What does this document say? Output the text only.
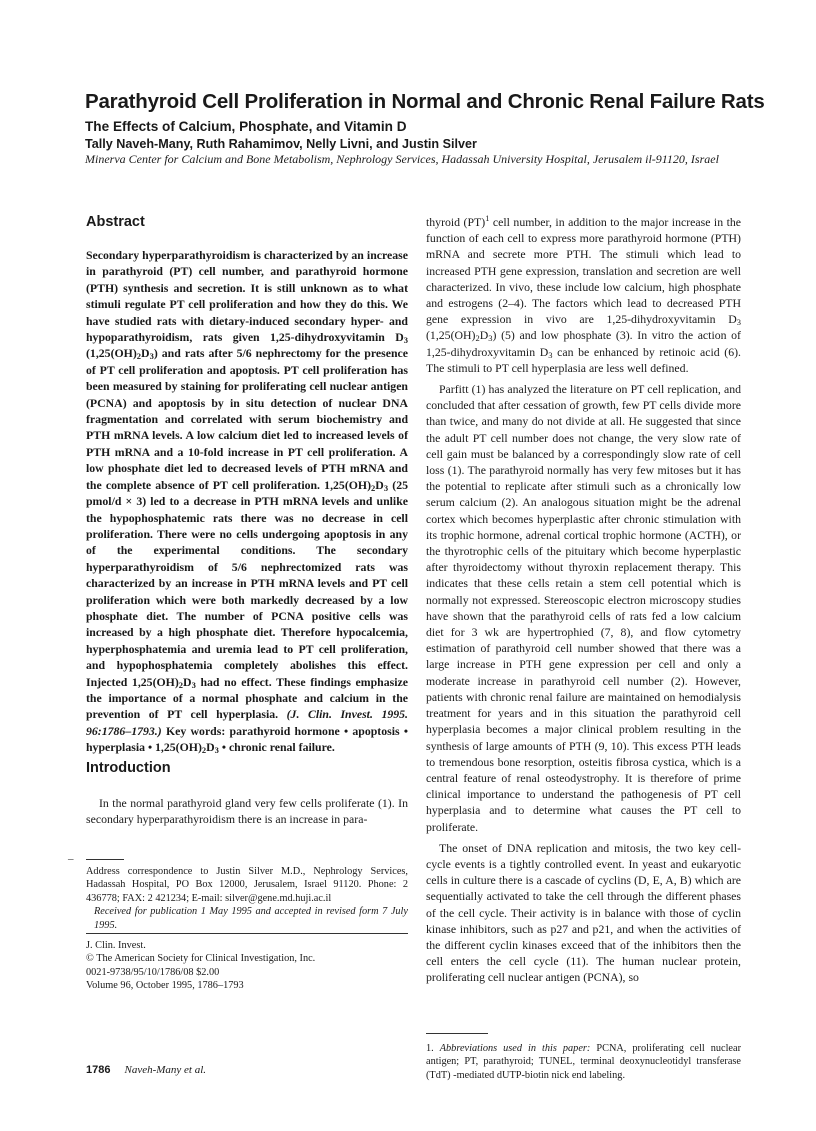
Parathyroid Cell Proliferation in Normal and Chronic Renal Failure Rats
The Effects of Calcium, Phosphate, and Vitamin D
Tally Naveh-Many, Ruth Rahamimov, Nelly Livni, and Justin Silver
Minerva Center for Calcium and Bone Metabolism, Nephrology Services, Hadassah University Hospital, Jerusalem il-91120, Israel
Abstract
Secondary hyperparathyroidism is characterized by an increase in parathyroid (PT) cell number, and parathyroid hormone (PTH) synthesis and secretion. It is still unknown as to what stimuli regulate PT cell proliferation and how they do this. We have studied rats with dietary-induced secondary hyper- and hypoparathyroidism, rats given 1,25-dihydroxyvitamin $D_3$ $(1,25(OH)_2D_3)$ and rats after 5/6 nephrectomy for the presence of PT cell proliferation and apoptosis. PT cell proliferation has been measured by staining for proliferating cell nuclear antigen (PCNA) and apoptosis by in situ detection of nuclear DNA fragmentation and correlated with serum biochemistry and PTH mRNA levels. A low calcium diet led to increased levels of PTH mRNA and a 10-fold increase in PT cell proliferation. A low phosphate diet led to decreased levels of PTH mRNA and the complete absence of PT cell proliferation. $1,25(OH)_2D_3$ (25 pmol/d × 3) led to a decrease in PTH mRNA levels and unlike the hypophosphatemic rats there was no decrease in cell proliferation. There were no cells undergoing apoptosis in any of the experimental conditions. The secondary hyperparathyroidism of 5/6 nephrectomized rats was characterized by an increase in PTH mRNA levels and PT cell proliferation which were both markedly decreased by a low phosphate diet. The number of PCNA positive cells was increased by a high phosphate diet. Therefore hypocalcemia, hyperphosphatemia and uremia lead to PT cell proliferation, and hypophosphatemia completely abolishes this effect. Injected $1,25(OH)_2D_3$ had no effect. These findings emphasize the importance of a normal phosphate and calcium in the prevention of PT cell hyperplasia. (J. Clin. Invest. 1995. 96:1786–1793.) Key words: parathyroid hormone • apoptosis • hyperplasia • $1,25(OH)_2D_3$ • chronic renal failure.
Introduction

In the normal parathyroid gland very few cells proliferate (1). In secondary hyperparathyroidism there is an increase in para-

–
Address correspondence to Justin Silver M.D., Nephrology Services, Hadassah Hospital, PO Box 12000, Jerusalem, Israel 91120. Phone: 2 436778; FAX: 2 421234; E-mail: silver@gene.md.huji.ac.il
Received for publication 1 May 1995 and accepted in revised form 7 July 1995.
J. Clin. Invest.
© The American Society for Clinical Investigation, Inc.
0021-9738/95/10/1786/08 $2.00
Volume 96, October 1995, 1786–1793

thyroid (PT)$^1$ cell number, in addition to the major increase in the function of each cell to express more parathyroid hormone (PTH) mRNA and secrete more PTH. The stimuli which lead to increased PTH gene expression, translation and secretion are well characterized. In vivo, these include low calcium, high phosphate and estrogens (2–4). The factors which lead to decreased PTH gene expression in vivo are 1,25-dihydroxyvitamin $D_3$ $(1,25(OH)_2D_3)$ (5) and low phosphate (3). In vitro the action of 1,25-dihydroxyvitamin $D_3$ can be enhanced by retinoic acid (6). The stimuli to PT cell hyperplasia are less well defined.

Parfitt (1) has analyzed the literature on PT cell replication, and concluded that after cessation of growth, few PT cells divide more than twice, and many do not divide at all. He suggested that since the adult PT cell number does not change, the very slow rate of cell gain must be balanced by a correspondingly slow rate of cell loss (1). The parathyroid normally has very few mitoses but it has the potential to replicate after stimuli such as a chronically low serum calcium (2). An analogous situation might be the adrenal cortex which becomes hyperplastic after chronic stimulation with its trophic hormone, adrenal cortical trophic hormone (ACTH), or the thyrotrophic cells of the pituitary which become hyperplastic after thyroidectomy without thyroxin replacement therapy. This indicates that these cells retain a stem cell potential which is normally not expressed. Stereoscopic electron microscopy studies have shown that the parathyroid cells of rats fed a low calcium diet for 3 wk are hypertrophied (7, 8), and flow cytometry estimation of parathyroid cell number showed that there was a large increase in PTH gene expression per cell and only a moderate increase in parathyroid cell number (2). However, patients with chronic renal failure are maintained on hemodialysis treatment for years and in this situation the parathyroid cell hyperplasia becomes a major clinical problem resulting in the synthesis of large amounts of PTH (9, 10). This excess PTH leads to tremendous bone resorption, osteitis fibrosa cystica, which is a central feature of renal osteodystrophy. It is therefore of prime clinical importance to understand the pathogenesis of PT cell hyperplasia and to determine what causes the PT cell to proliferate.

The onset of DNA replication and mitosis, the two key cell-cycle events is a tightly controlled event. In yeast and eukaryotic cells in culture there is a cascade of cyclins (D, E, A, B) which are sequentially activated to take the cell through the different phases of the cell cycle. Their activity is in balance with those of cyclin kinase inhibitors, such as p27 and p21, and when the activities of the different cyclin kinases exceed that of the inhibitors then the cell enters the cell cycle (11). The human nuclear protein, proliferating cell nuclear antigen (PCNA), so

1. Abbreviations used in this paper: PCNA, proliferating cell nuclear antigen; PT, parathyroid; TUNEL, terminal deoxynucleotidyl transferase (TdT) -mediated dUTP-biotin nick end labeling.
1786 Naveh-Many et al.
